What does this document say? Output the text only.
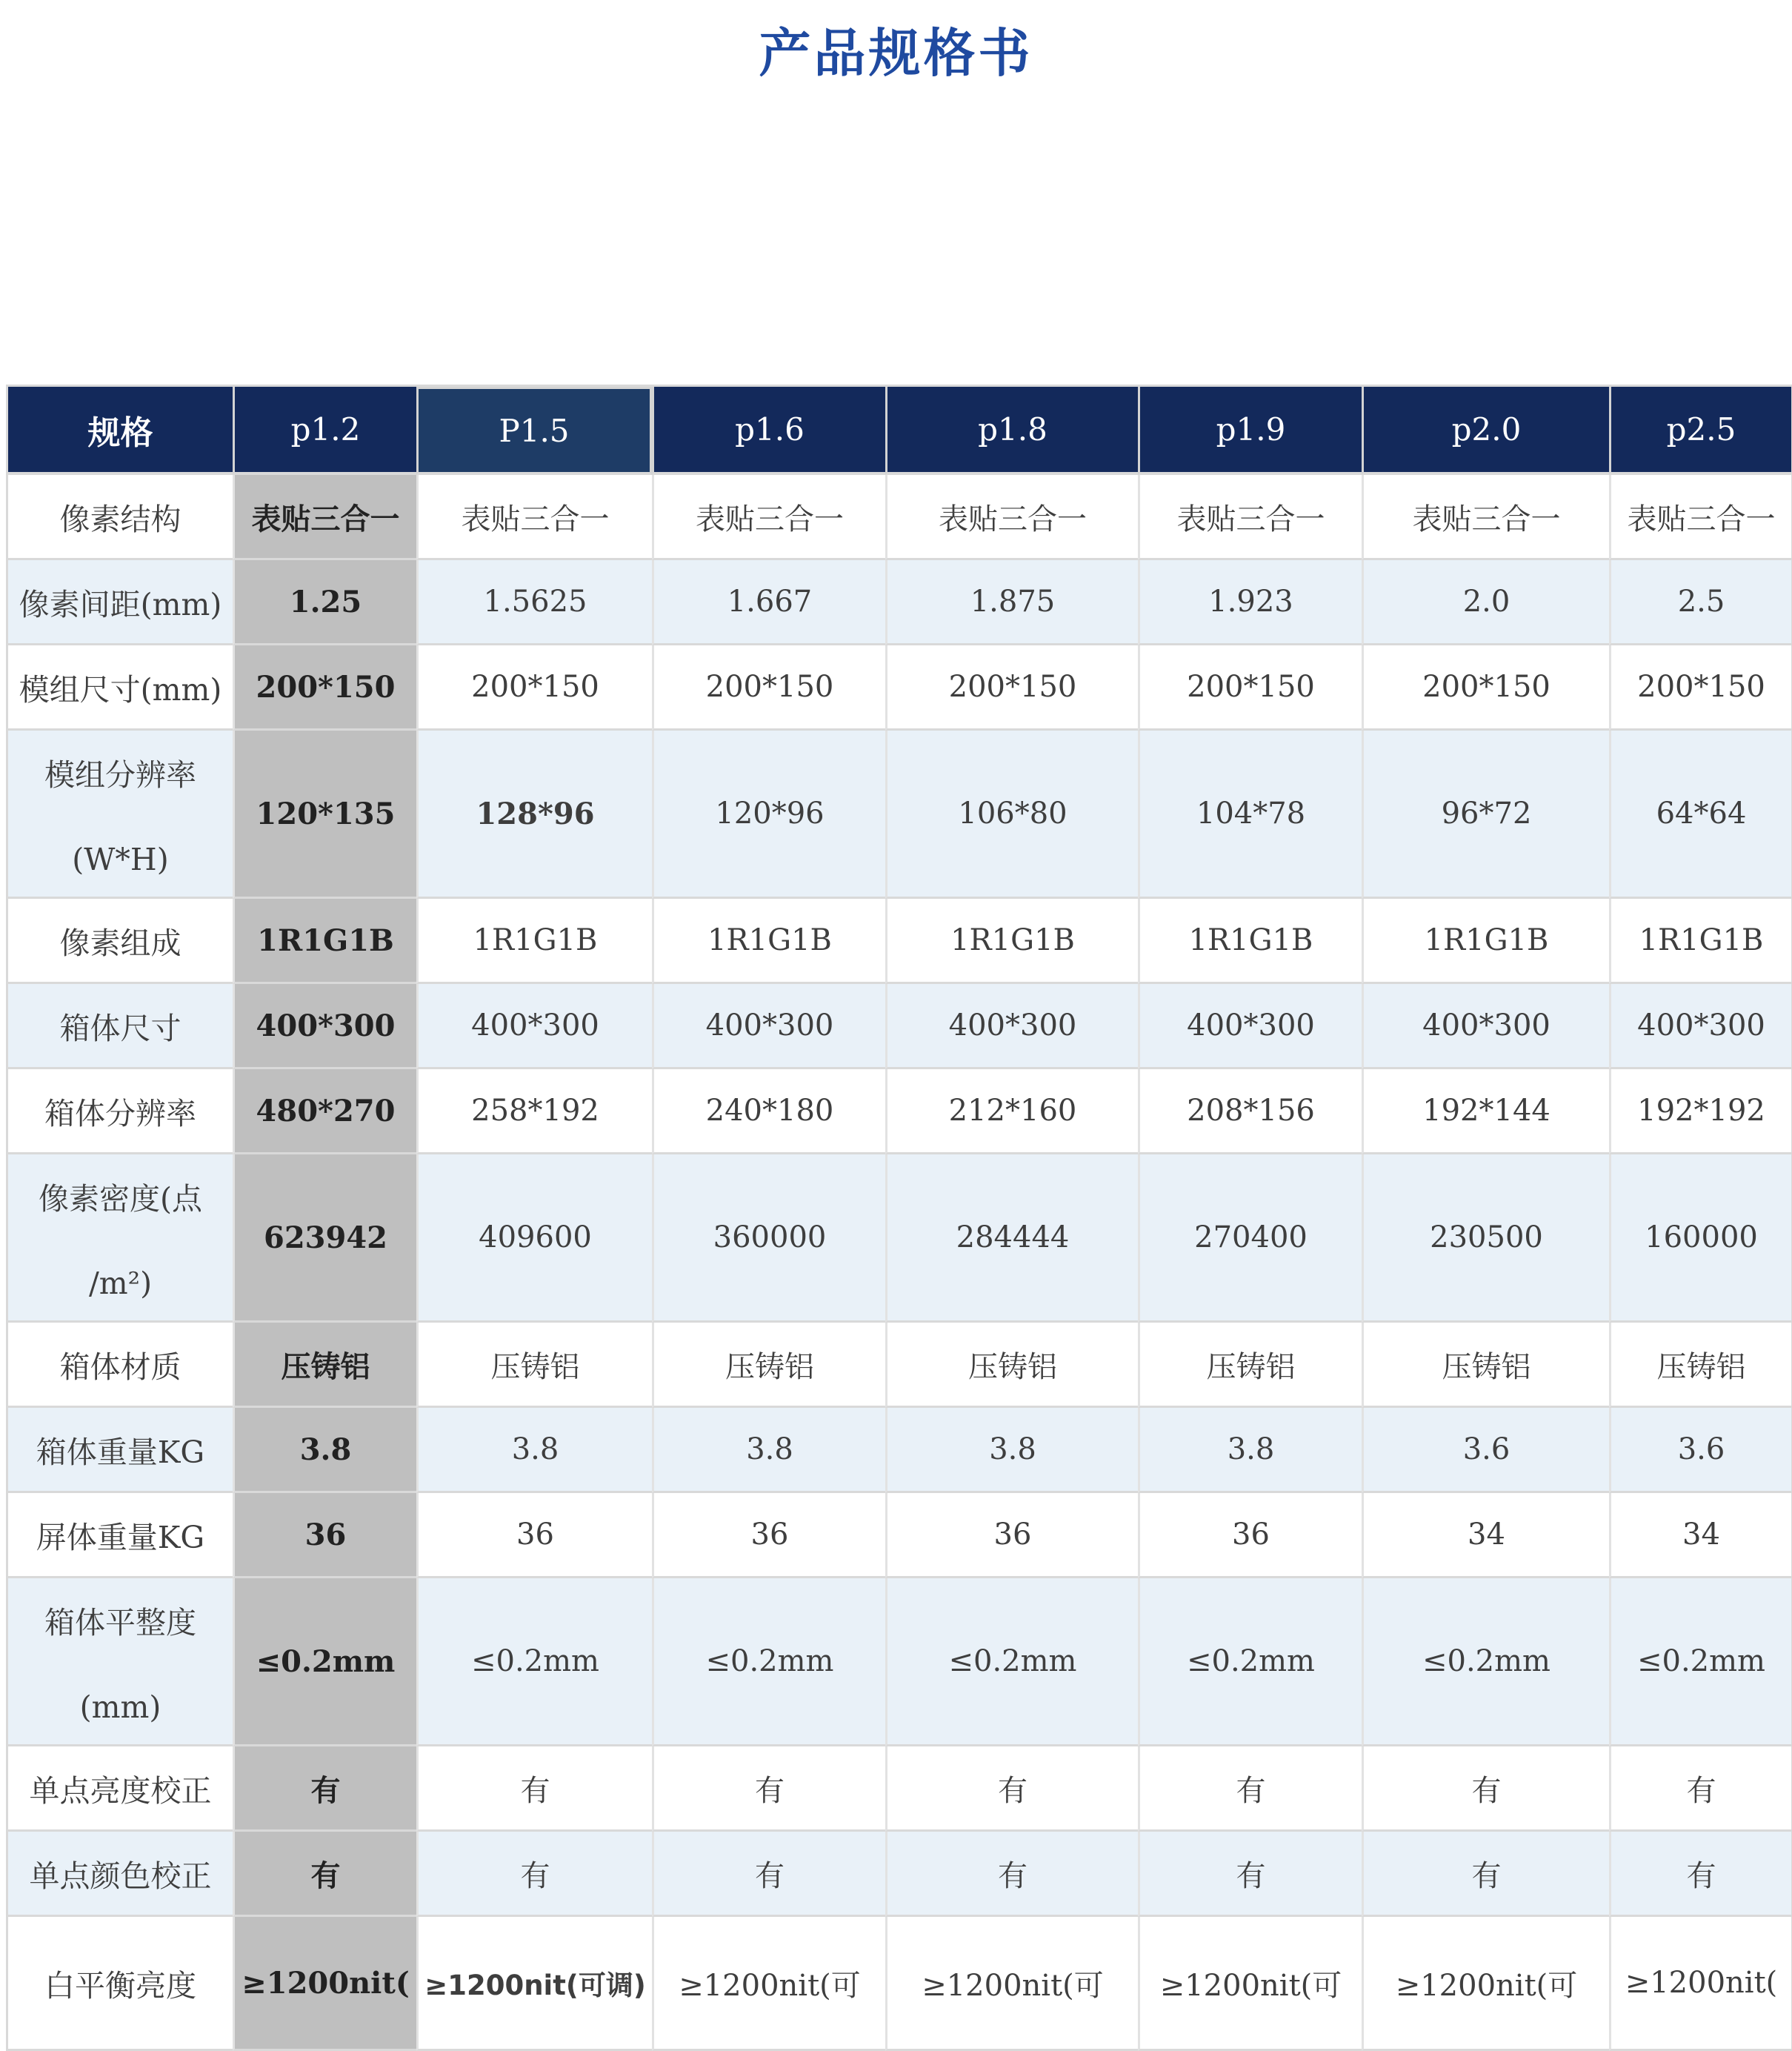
产品规格书
规格	p1.2	P1.5	p1.6	p1.8	p1.9	p2.0	p2.5
像素结构	表贴三合一	表贴三合一	表贴三合一	表贴三合一	表贴三合一	表贴三合一	表贴三合一
像素间距(mm)	1.25	1.5625	1.667	1.875	1.923	2.0	2.5
模组尺寸(mm)	200*150	200*150	200*150	200*150	200*150	200*150	200*150

模组分辨率
(W*H)	120*135	128*96	120*96	106*80	104*78	96*72	64*64
像素组成	1R1G1B	1R1G1B	1R1G1B	1R1G1B	1R1G1B	1R1G1B	1R1G1B
箱体尺寸	400*300	400*300	400*300	400*300	400*300	400*300	400*300
箱体分辨率	480*270	258*192	240*180	212*160	208*156	192*144	192*192

像素密度(点
/m²)	623942	409600	360000	284444	270400	230500	160000
箱体材质	压铸铝	压铸铝	压铸铝	压铸铝	压铸铝	压铸铝	压铸铝
箱体重量KG	3.8	3.8	3.8	3.8	3.8	3.6	3.6
屏体重量KG	36	36	36	36	36	34	34

箱体平整度
(mm)	≤0.2mm	≤0.2mm	≤0.2mm	≤0.2mm	≤0.2mm	≤0.2mm	≤0.2mm
单点亮度校正	有	有	有	有	有	有	有
单点颜色校正	有	有	有	有	有	有	有
白平衡亮度	≥1200nit(	≥1200nit(可调)	≥1200nit(可	≥1200nit(可	≥1200nit(可	≥1200nit(可	≥1200nit(
